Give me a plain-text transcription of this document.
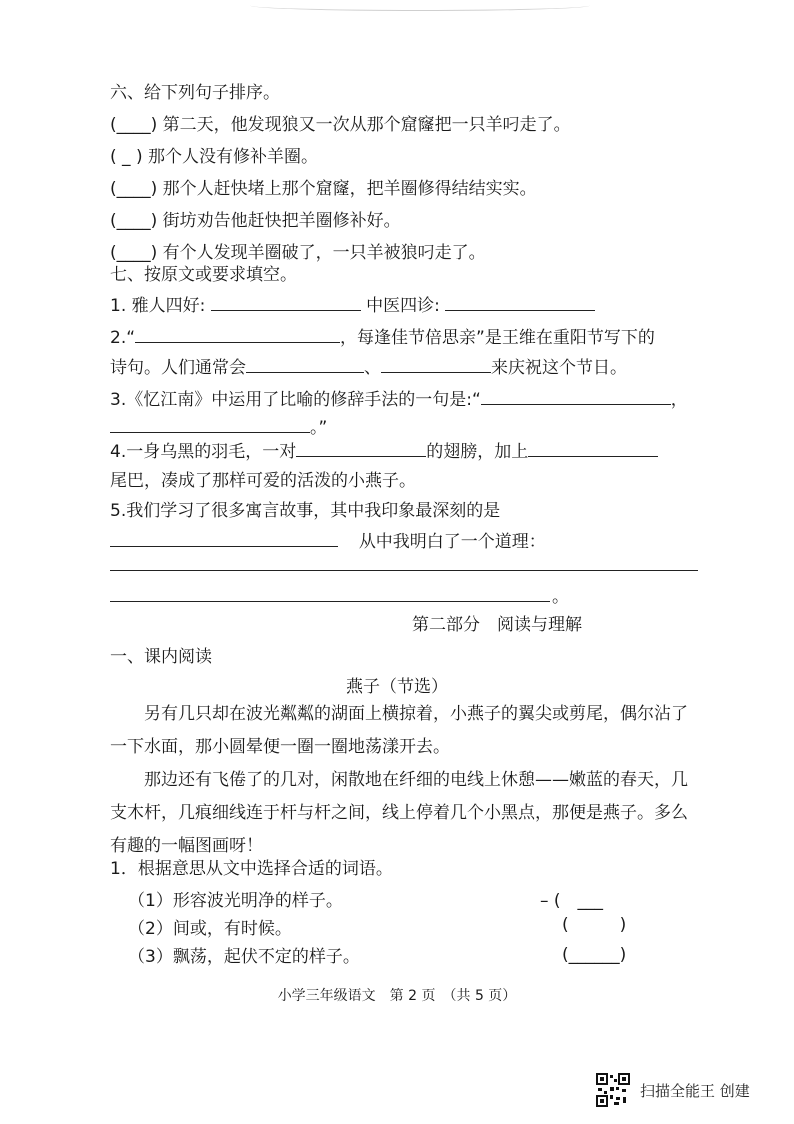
六、给下列句子排序。
(____) 第二天，他发现狼又一次从那个窟窿把一只羊叼走了。
( _ ) 那个人没有修补羊圈。
(____) 那个人赶快堵上那个窟窿，把羊圈修得结结实实。
(____) 街坊劝告他赶快把羊圈修补好。
(____) 有个人发现羊圈破了，一只羊被狼叼走了。
七、按原文或要求填空。
1. 雅人四好:	中医四诊:
2.“	，每逢佳节倍思亲”是王维在重阳节写下的
诗句。人们通常会	、	来庆祝这个节日。
3.《忆江南》中运用了比喻的修辞手法的一句是:“	，
。”
4.一身乌黑的羽毛，一对	的翅膀，加上
尾巴，凑成了那样可爱的活泼的小燕子。
5.我们学习了很多寓言故事，其中我印象最深刻的是
从中我明白了一个道理：
。
第二部分　阅读与理解
一、课内阅读
燕子（节选）
另有几只却在波光粼粼的湖面上横掠着，小燕子的翼尖或剪尾，偶尔沾了一下水面，那小圆晕便一圈一圈地荡漾开去。
那边还有飞倦了的几对，闲散地在纤细的电线上休憩——嫩蓝的春天，几支木杆，几痕细线连于杆与杆之间，线上停着几个小黑点，那便是燕子。多么有趣的一幅图画呀！
1．根据意思从文中选择合适的词语。
（1）形容波光明净的样子。	– (　___
（2）间或，有时候。	(　　　)
（3）飘荡，起伏不定的样子。	(______)
小学三年级语文　第 2 页　（共 5 页）
扫描全能王 创建
